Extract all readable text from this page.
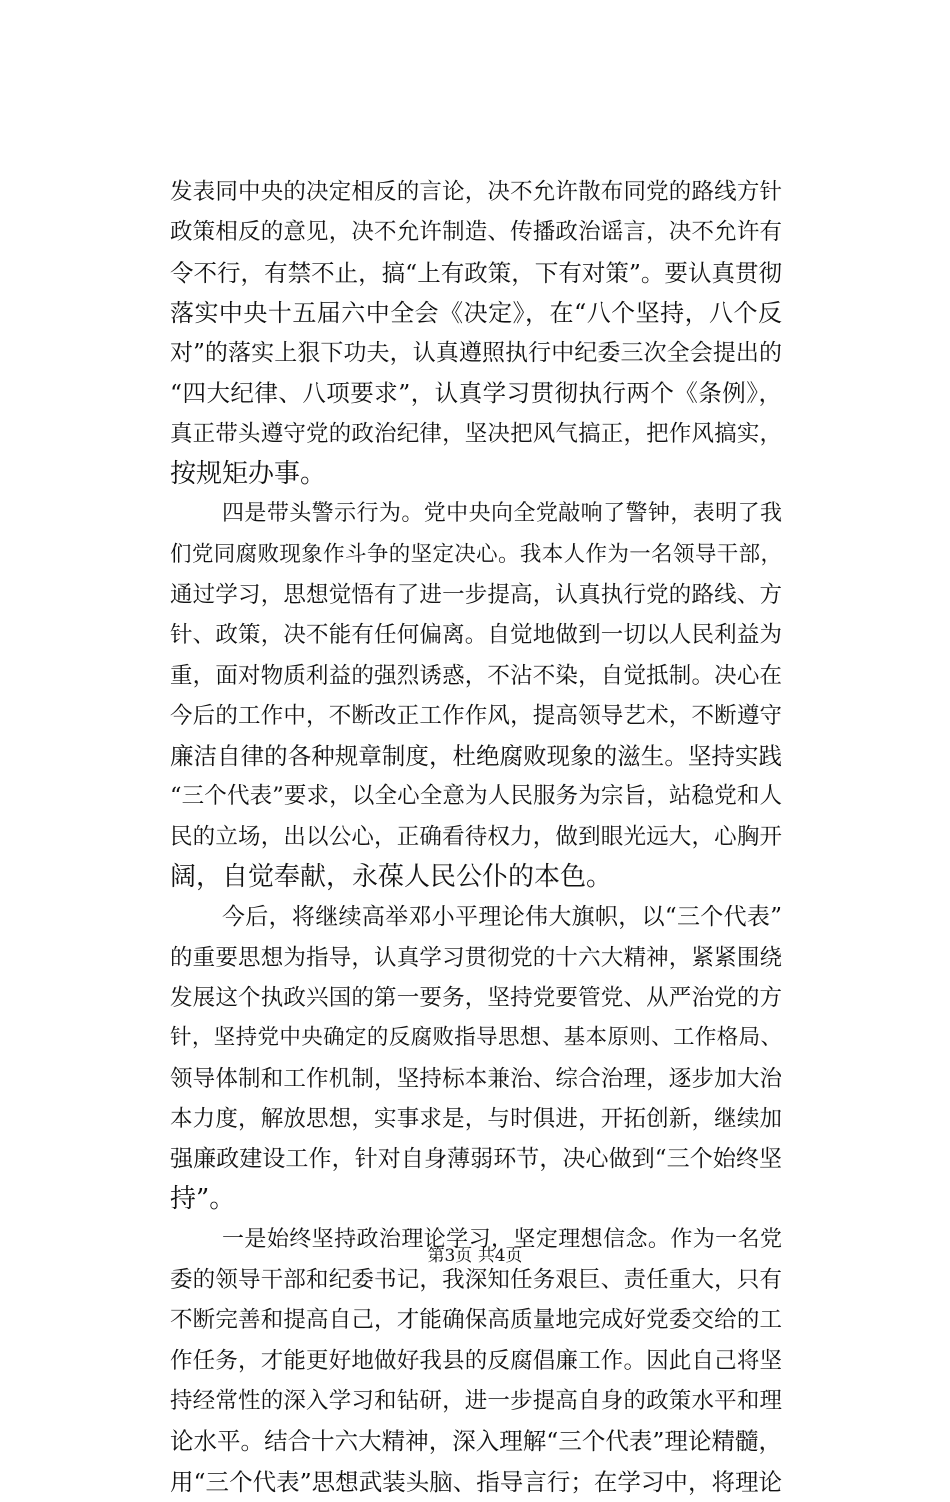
发表同中央的决定相反的言论，决不允许散布同党的路线方针
政策相反的意见，决不允许制造、传播政治谣言，决不允许有
令不行，有禁不止，搞“上有政策，下有对策”。要认真贯彻
落实中央十五届六中全会《决定》，在“八个坚持，八个反
对”的落实上狠下功夫，认真遵照执行中纪委三次全会提出的
“四大纪律、八项要求”，认真学习贯彻执行两个《条例》，
真正带头遵守党的政治纪律，坚决把风气搞正，把作风搞实，
按规矩办事。
四是带头警示行为。党中央向全党敲响了警钟，表明了我
们党同腐败现象作斗争的坚定决心。我本人作为一名领导干部，
通过学习，思想觉悟有了进一步提高，认真执行党的路线、方
针、政策，决不能有任何偏离。自觉地做到一切以人民利益为
重，面对物质利益的强烈诱惑，不沾不染，自觉抵制。决心在
今后的工作中，不断改正工作作风，提高领导艺术，不断遵守
廉洁自律的各种规章制度，杜绝腐败现象的滋生。坚持实践
“三个代表”要求，以全心全意为人民服务为宗旨，站稳党和人
民的立场，出以公心，正确看待权力，做到眼光远大，心胸开
阔，自觉奉献，永葆人民公仆的本色。
今后，将继续高举邓小平理论伟大旗帜，以“三个代表”
的重要思想为指导，认真学习贯彻党的十六大精神，紧紧围绕
发展这个执政兴国的第一要务，坚持党要管党、从严治党的方
针，坚持党中央确定的反腐败指导思想、基本原则、工作格局、
领导体制和工作机制，坚持标本兼治、综合治理，逐步加大治
本力度，解放思想，实事求是，与时俱进，开拓创新，继续加
强廉政建设工作，针对自身薄弱环节，决心做到“三个始终坚
持”。
一是始终坚持政治理论学习，坚定理想信念。作为一名党
委的领导干部和纪委书记，我深知任务艰巨、责任重大，只有
不断完善和提高自己，才能确保高质量地完成好党委交给的工
作任务，才能更好地做好我县的反腐倡廉工作。因此自己将坚
持经常性的深入学习和钻研，进一步提高自身的政策水平和理
论水平。结合十六大精神，深入理解“三个代表”理论精髓，
用“三个代表”思想武装头脑、指导言行；在学习中，将理论
第3页 共4页
